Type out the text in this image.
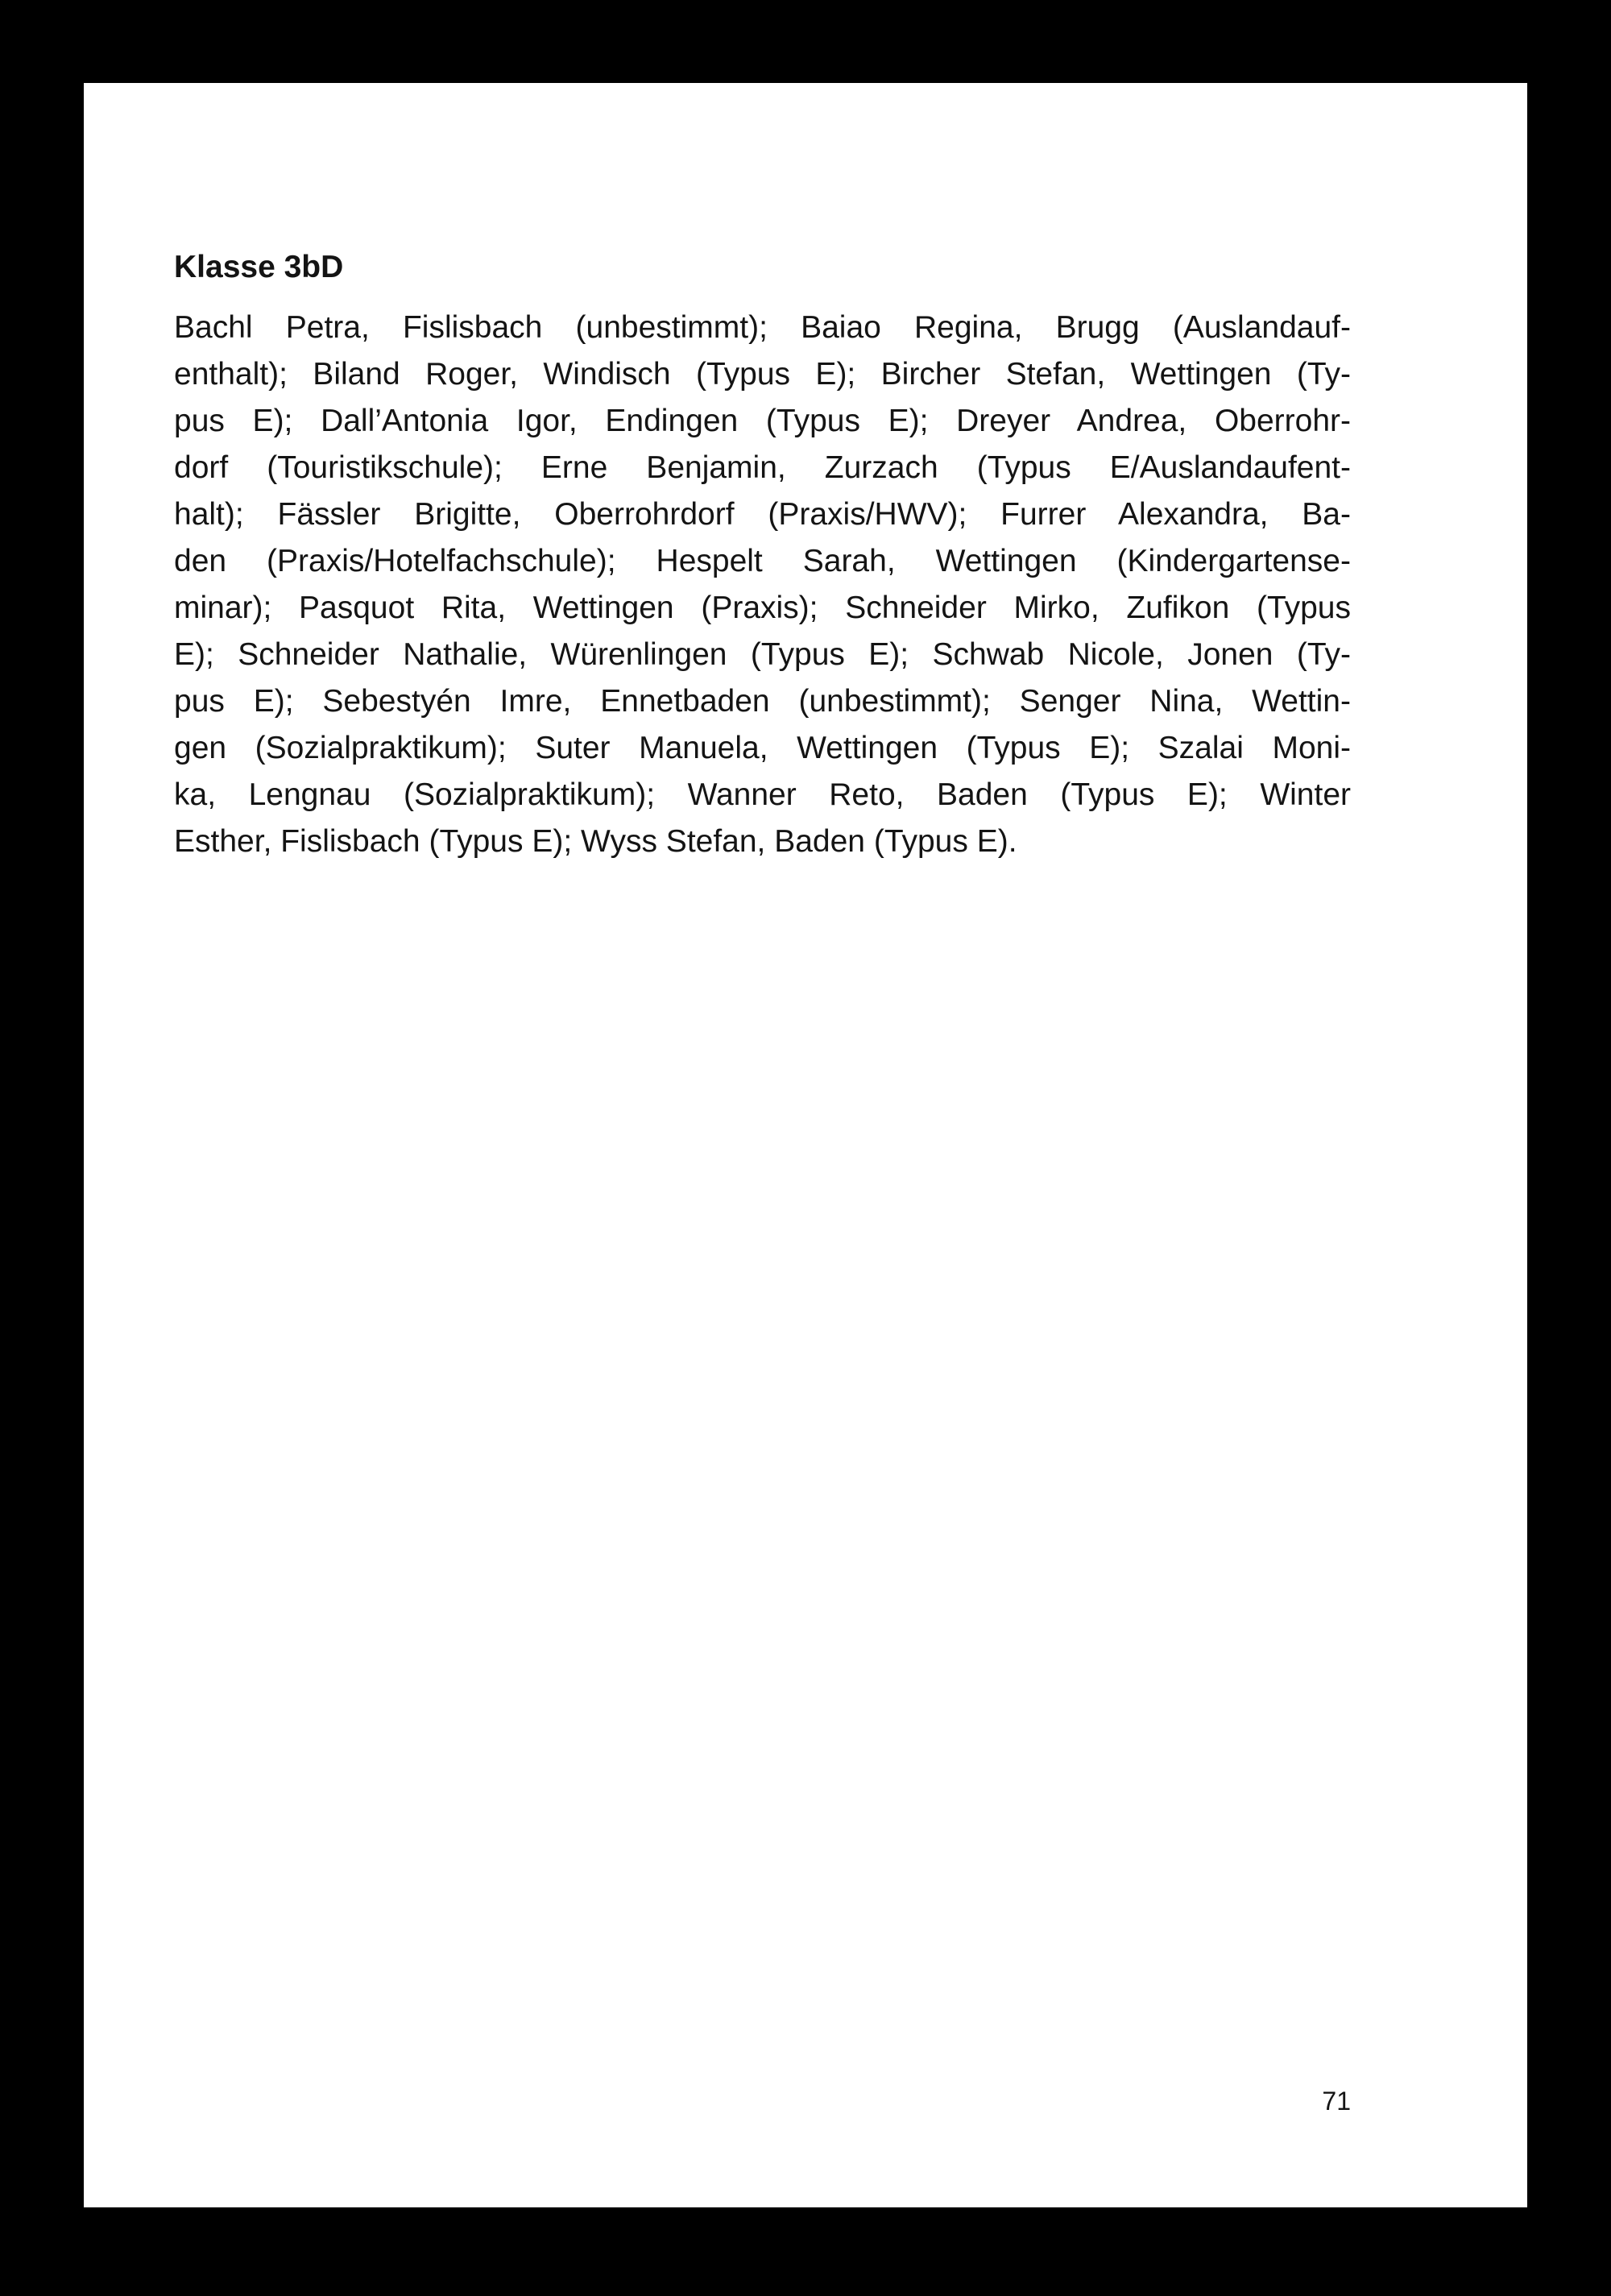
Klasse 3bD

Bachl Petra, Fislisbach (unbestimmt); Baiao Regina, Brugg (Auslandauf-
enthalt); Biland Roger, Windisch (Typus E); Bircher Stefan, Wettingen (Ty-
pus E); Dall’Antonia Igor, Endingen (Typus E); Dreyer Andrea, Oberrohr-
dorf (Touristikschule); Erne Benjamin, Zurzach (Typus E/Auslandaufent-
halt); Fässler Brigitte, Oberrohrdorf (Praxis/HWV); Furrer Alexandra, Ba-
den (Praxis/Hotelfachschule); Hespelt Sarah, Wettingen (Kindergartense-
minar); Pasquot Rita, Wettingen (Praxis); Schneider Mirko, Zufikon (Typus
E); Schneider Nathalie, Würenlingen (Typus E); Schwab Nicole, Jonen (Ty-
pus E); Sebestyén Imre, Ennetbaden (unbestimmt); Senger Nina, Wettin-
gen (Sozialpraktikum); Suter Manuela, Wettingen (Typus E); Szalai Moni-
ka, Lengnau (Sozialpraktikum); Wanner Reto, Baden (Typus E); Winter
Esther, Fislisbach (Typus E); Wyss Stefan, Baden (Typus E).

71
